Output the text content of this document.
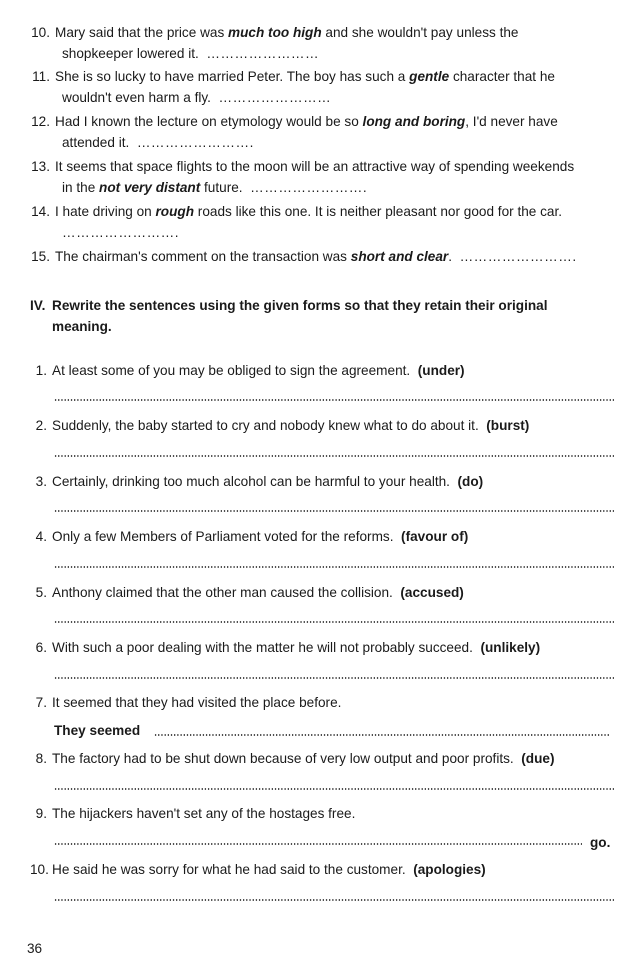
10. Mary said that the price was much too high and she wouldn't pay unless the
shopkeeper lowered it. ……………………
11. She is so lucky to have married Peter. The boy has such a gentle character that he
wouldn't even harm a fly. ……………………
12. Had I known the lecture on etymology would be so long and boring, I'd never have
attended it. …………………….
13. It seems that space flights to the moon will be an attractive way of spending weekends
in the not very distant future. …………………….
14. I hate driving on rough roads like this one. It is neither pleasant nor good for the car.
…………………….
15. The chairman's comment on the transaction was short and clear. …………………….
IV. Rewrite the sentences using the given forms so that they retain their original
meaning.
1. At least some of you may be obliged to sign the agreement. (under)
2. Suddenly, the baby started to cry and nobody knew what to do about it. (burst)
3. Certainly, drinking too much alcohol can be harmful to your health. (do)
4. Only a few Members of Parliament voted for the reforms. (favour of)
5. Anthony claimed that the other man caused the collision. (accused)
6. With such a poor dealing with the matter he will not probably succeed. (unlikely)
7. It seemed that they had visited the place before.
They seemed
8. The factory had to be shut down because of very low output and poor profits. (due)
9. The hijackers haven't set any of the hostages free.
go.
10. He said he was sorry for what he had said to the customer. (apologies)
36
